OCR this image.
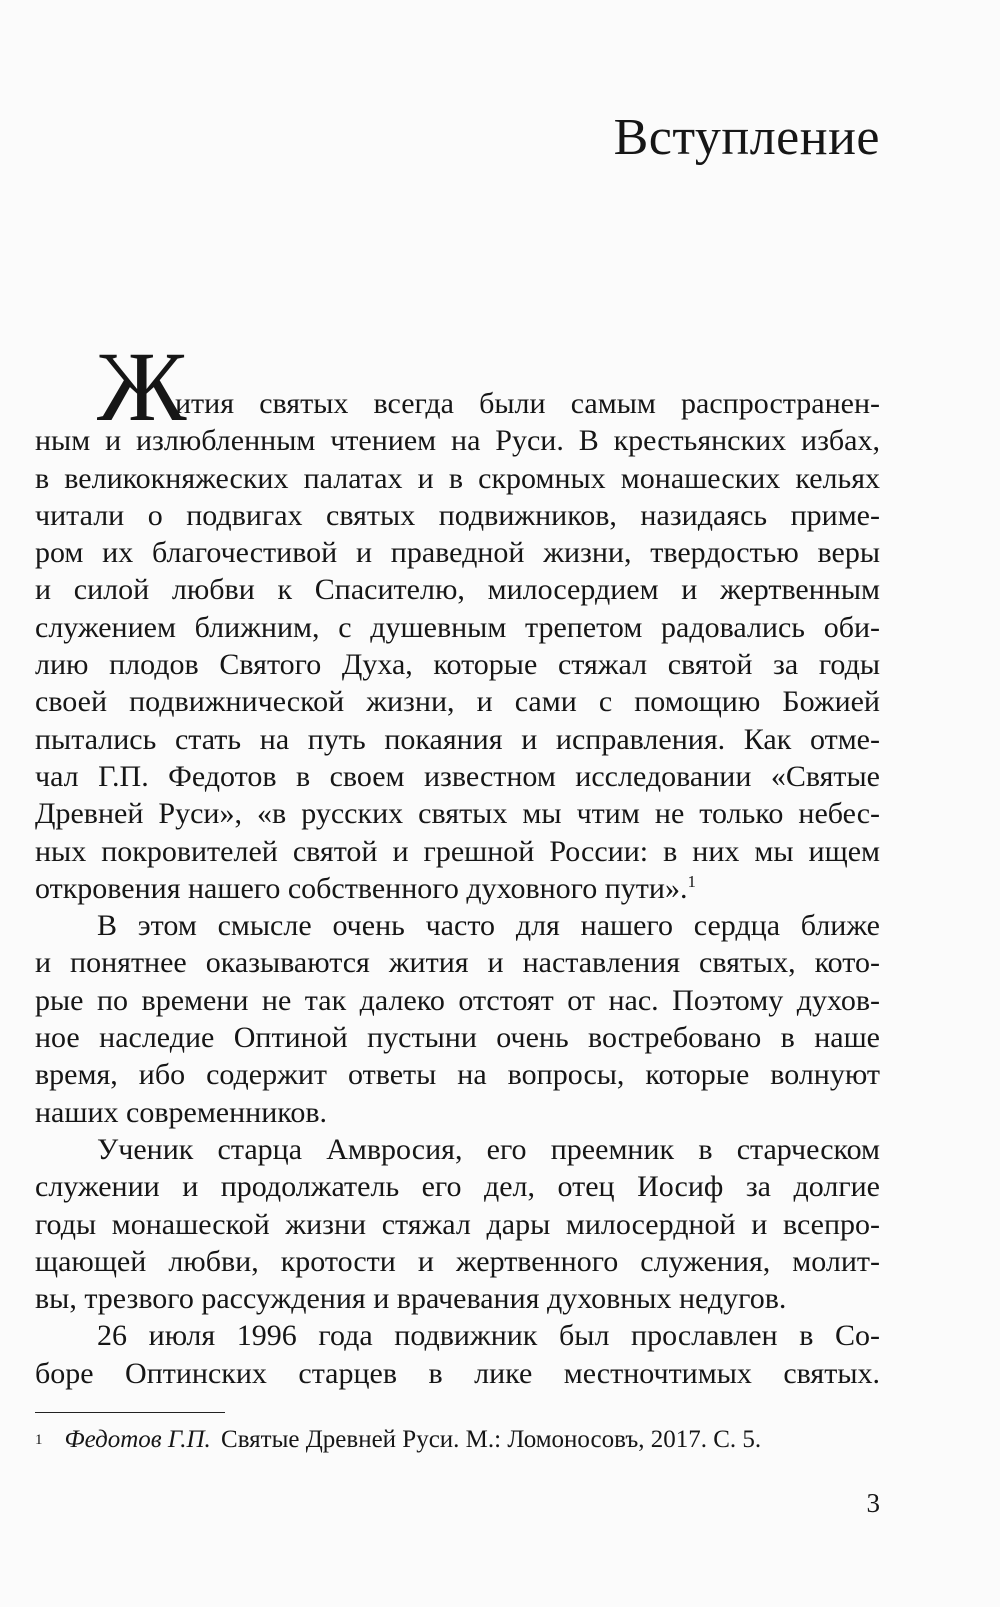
Вступление
Ж
ития святых всегда были самым распространен-
ным и излюбленным чтением на Руси. В крестьянских избах,
в великокняжеских палатах и в скромных монашеских кельях
читали о подвигах святых подвижников, назидаясь приме-
ром их благочестивой и праведной жизни, твердостью веры
и силой любви к Спасителю, милосердием и жертвенным
служением ближним, с душевным трепетом радовались оби-
лию плодов Святого Духа, которые стяжал святой за годы
своей подвижнической жизни, и сами с помощию Божией
пытались стать на путь покаяния и исправления. Как отме-
чал Г.П. Федотов в своем известном исследовании «Святые
Древней Руси», «в русских святых мы чтим не только небес-
ных покровителей святой и грешной России: в них мы ищем
откровения нашего собственного духовного пути».$^1$
В этом смысле очень часто для нашего сердца ближе
и понятнее оказываются жития и наставления святых, кото-
рые по времени не так далеко отстоят от нас. Поэтому духов-
ное наследие Оптиной пустыни очень востребовано в наше
время, ибо содержит ответы на вопросы, которые волнуют
наших современников.
Ученик старца Амвросия, его преемник в старческом
служении и продолжатель его дел, отец Иосиф за долгие
годы монашеской жизни стяжал дары милосердной и всепро-
щающей любви, кротости и жертвенного служения, молит-
вы, трезвого рассуждения и врачевания духовных недугов.
26 июля 1996 года подвижник был прославлен в Со-
боре Оптинских старцев в лике местночтимых святых.
$^1$ Федотов Г.П. Святые Древней Руси. М.: Ломоносовъ, 2017. С. 5.
3
